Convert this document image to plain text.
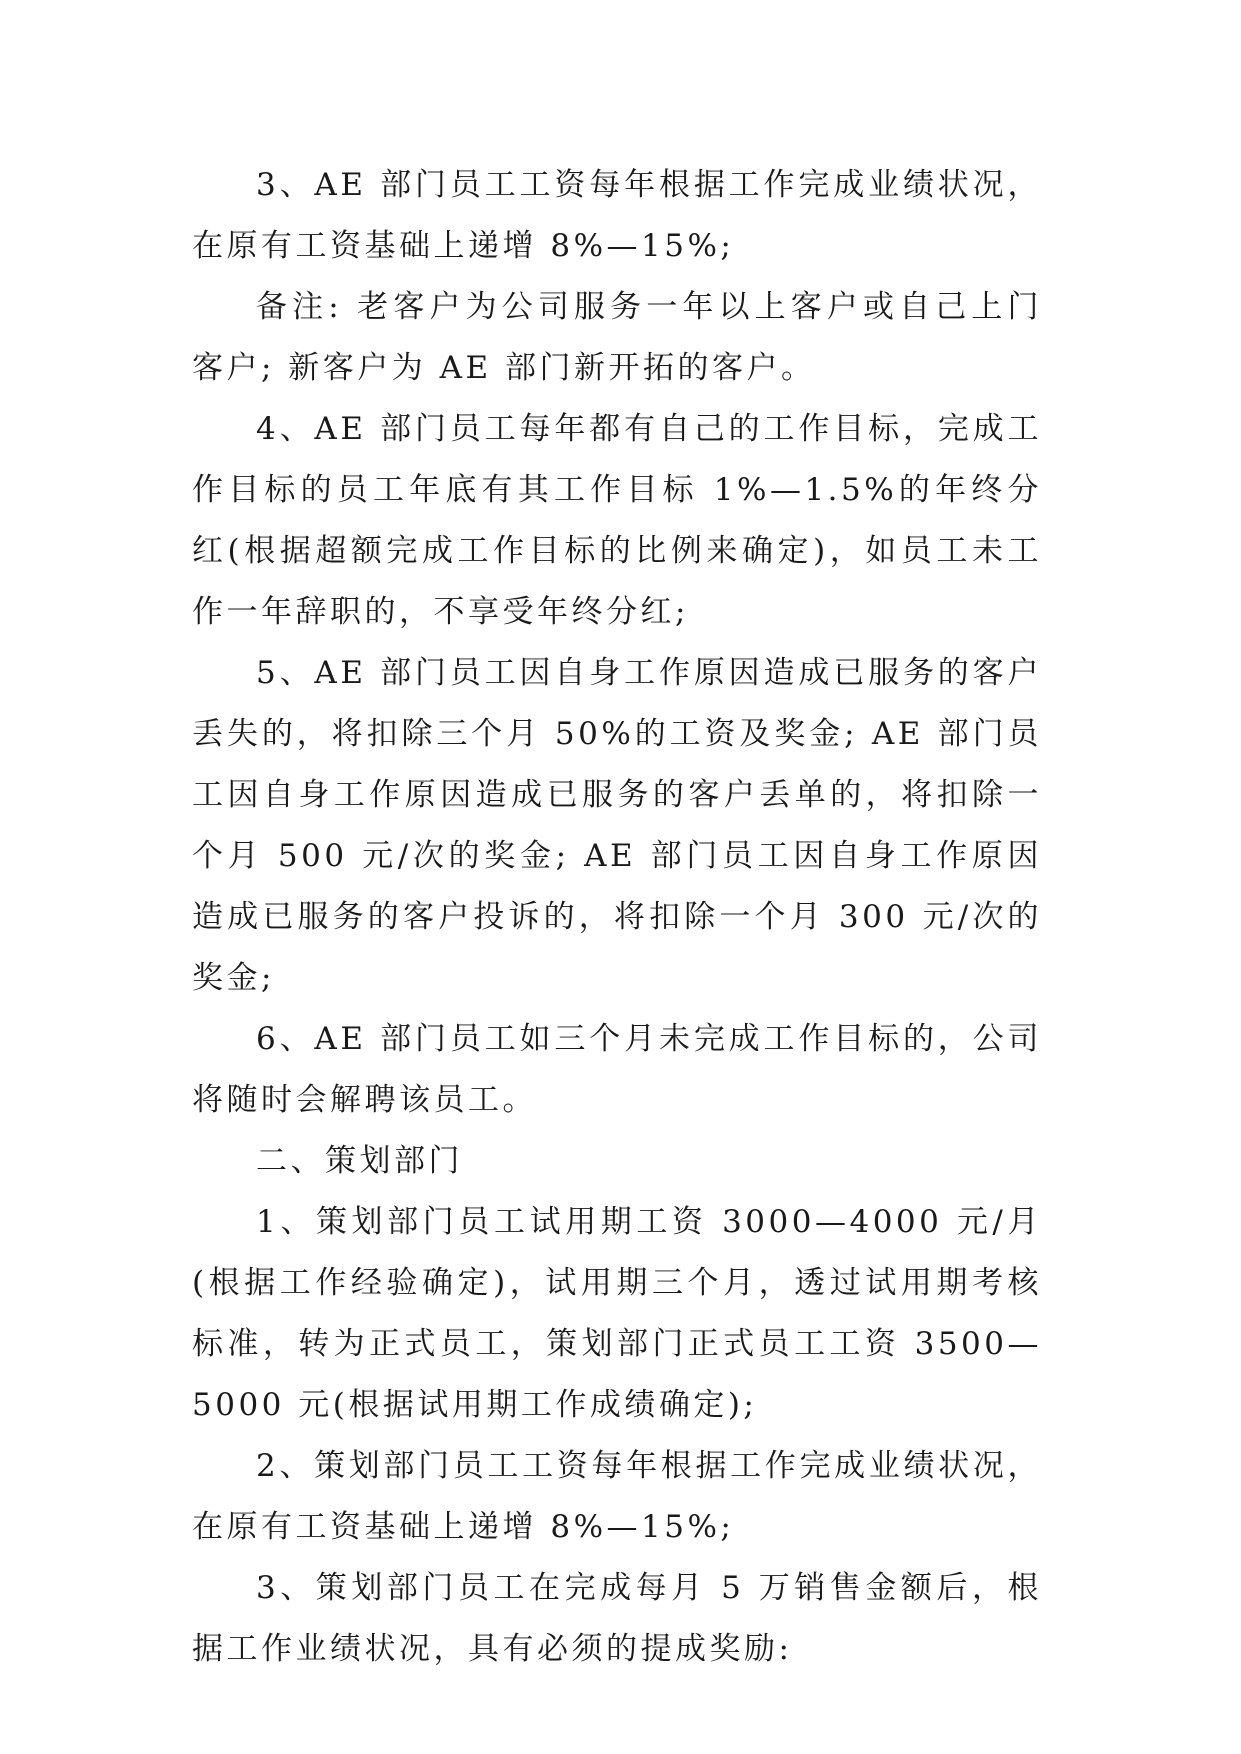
3、AE 部门员工工资每年根据工作完成业绩状况，在原有工资基础上递增 8%—15%;

备注: 老客户为公司服务一年以上客户或自己上门客户; 新客户为 AE 部门新开拓的客户。

4、AE 部门员工每年都有自己的工作目标，完成工作目标的员工年底有其工作目标 1%—1.5%的年终分红(根据超额完成工作目标的比例来确定)，如员工未工作一年辞职的，不享受年终分红;

5、AE 部门员工因自身工作原因造成已服务的客户丢失的，将扣除三个月 50%的工资及奖金; AE 部门员工因自身工作原因造成已服务的客户丢单的，将扣除一个月 500 元/次的奖金; AE 部门员工因自身工作原因造成已服务的客户投诉的，将扣除一个月 300 元/次的奖金;

6、AE 部门员工如三个月未完成工作目标的，公司将随时会解聘该员工。

二、策划部门

1、策划部门员工试用期工资 3000—4000 元/月(根据工作经验确定)，试用期三个月，透过试用期考核标准，转为正式员工，策划部门正式员工工资 3500—5000 元(根据试用期工作成绩确定);

2、策划部门员工工资每年根据工作完成业绩状况，在原有工资基础上递增 8%—15%;

3、策划部门员工在完成每月 5 万销售金额后，根据工作业绩状况，具有必须的提成奖励:
